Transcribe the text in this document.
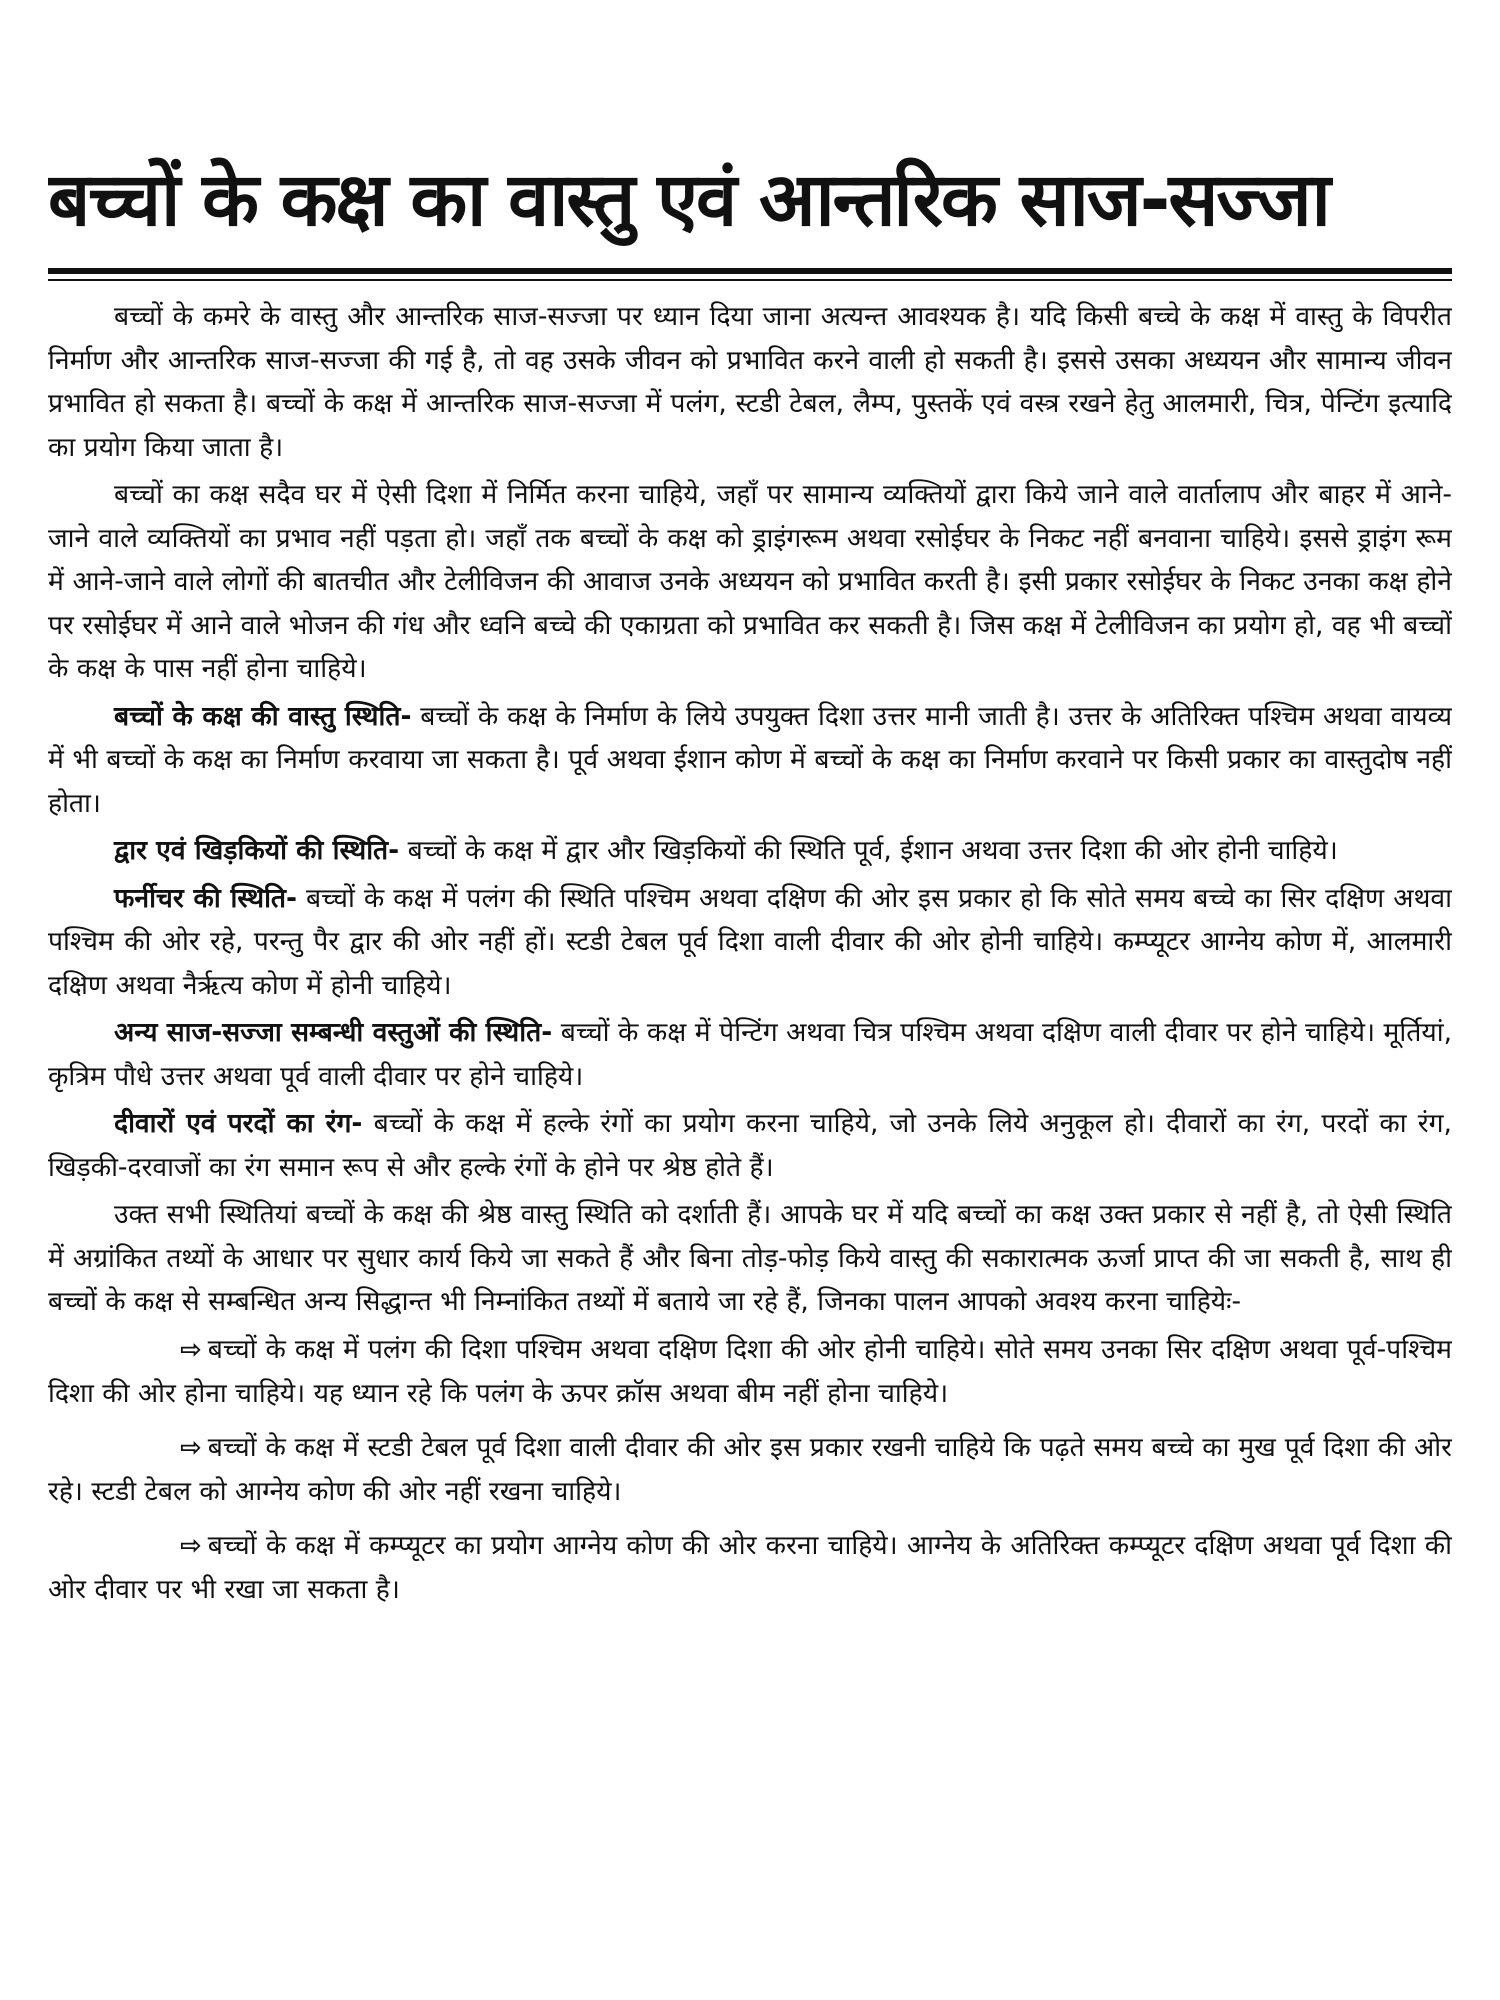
बच्चों के कक्ष का वास्तु एवं आन्तरिक साज-सज्जा

बच्चों के कमरे के वास्तु और आन्तरिक साज-सज्जा पर ध्यान दिया जाना अत्यन्त आवश्यक है। यदि किसी बच्चे के कक्ष में वास्तु के विपरीत निर्माण और आन्तरिक साज-सज्जा की गई है, तो वह उसके जीवन को प्रभावित करने वाली हो सकती है। इससे उसका अध्ययन और सामान्य जीवन प्रभावित हो सकता है। बच्चों के कक्ष में आन्तरिक साज-सज्जा में पलंग, स्टडी टेबल, लैम्प, पुस्तकें एवं वस्त्र रखने हेतु आलमारी, चित्र, पेन्टिंग इत्यादि का प्रयोग किया जाता है।

बच्चों का कक्ष सदैव घर में ऐसी दिशा में निर्मित करना चाहिये, जहाँ पर सामान्य व्यक्तियों द्वारा किये जाने वाले वार्तालाप और बाहर में आने-जाने वाले व्यक्तियों का प्रभाव नहीं पड़ता हो। जहाँ तक बच्चों के कक्ष को ड्राइंगरूम अथवा रसोईघर के निकट नहीं बनवाना चाहिये। इससे ड्राइंग रूम में आने-जाने वाले लोगों की बातचीत और टेलीविजन की आवाज उनके अध्ययन को प्रभावित करती है। इसी प्रकार रसोईघर के निकट उनका कक्ष होने पर रसोईघर में आने वाले भोजन की गंध और ध्वनि बच्चे की एकाग्रता को प्रभावित कर सकती है। जिस कक्ष में टेलीविजन का प्रयोग हो, वह भी बच्चों के कक्ष के पास नहीं होना चाहिये।

बच्चों के कक्ष की वास्तु स्थिति- बच्चों के कक्ष के निर्माण के लिये उपयुक्त दिशा उत्तर मानी जाती है। उत्तर के अतिरिक्त पश्चिम अथवा वायव्य में भी बच्चों के कक्ष का निर्माण करवाया जा सकता है। पूर्व अथवा ईशान कोण में बच्चों के कक्ष का निर्माण करवाने पर किसी प्रकार का वास्तुदोष नहीं होता।

द्वार एवं खिड़कियों की स्थिति- बच्चों के कक्ष में द्वार और खिड़कियों की स्थिति पूर्व, ईशान अथवा उत्तर दिशा की ओर होनी चाहिये।

फर्नीचर की स्थिति- बच्चों के कक्ष में पलंग की स्थिति पश्चिम अथवा दक्षिण की ओर इस प्रकार हो कि सोते समय बच्चे का सिर दक्षिण अथवा पश्चिम की ओर रहे, परन्तु पैर द्वार की ओर नहीं हों। स्टडी टेबल पूर्व दिशा वाली दीवार की ओर होनी चाहिये। कम्प्यूटर आग्नेय कोण में, आलमारी दक्षिण अथवा नैर्ऋत्य कोण में होनी चाहिये।

अन्य साज-सज्जा सम्बन्धी वस्तुओं की स्थिति- बच्चों के कक्ष में पेन्टिंग अथवा चित्र पश्चिम अथवा दक्षिण वाली दीवार पर होने चाहिये। मूर्तियां, कृत्रिम पौधे उत्तर अथवा पूर्व वाली दीवार पर होने चाहिये।

दीवारों एवं परदों का रंग- बच्चों के कक्ष में हल्के रंगों का प्रयोग करना चाहिये, जो उनके लिये अनुकूल हो। दीवारों का रंग, परदों का रंग, खिड़की-दरवाजों का रंग समान रूप से और हल्के रंगों के होने पर श्रेष्ठ होते हैं।

उक्त सभी स्थितियां बच्चों के कक्ष की श्रेष्ठ वास्तु स्थिति को दर्शाती हैं। आपके घर में यदि बच्चों का कक्ष उक्त प्रकार से नहीं है, तो ऐसी स्थिति में अग्रांकित तथ्यों के आधार पर सुधार कार्य किये जा सकते हैं और बिना तोड़-फोड़ किये वास्तु की सकारात्मक ऊर्जा प्राप्त की जा सकती है, साथ ही बच्चों के कक्ष से सम्बन्धित अन्य सिद्धान्त भी निम्नांकित तथ्यों में बताये जा रहे हैं, जिनका पालन आपको अवश्य करना चाहियेः-

⇨ बच्चों के कक्ष में पलंग की दिशा पश्चिम अथवा दक्षिण दिशा की ओर होनी चाहिये। सोते समय उनका सिर दक्षिण अथवा पूर्व-पश्चिम दिशा की ओर होना चाहिये। यह ध्यान रहे कि पलंग के ऊपर क्रॉस अथवा बीम नहीं होना चाहिये।

⇨ बच्चों के कक्ष में स्टडी टेबल पूर्व दिशा वाली दीवार की ओर इस प्रकार रखनी चाहिये कि पढ़ते समय बच्चे का मुख पूर्व दिशा की ओर रहे। स्टडी टेबल को आग्नेय कोण की ओर नहीं रखना चाहिये।

⇨ बच्चों के कक्ष में कम्प्यूटर का प्रयोग आग्नेय कोण की ओर करना चाहिये। आग्नेय के अतिरिक्त कम्प्यूटर दक्षिण अथवा पूर्व दिशा की ओर दीवार पर भी रखा जा सकता है।
